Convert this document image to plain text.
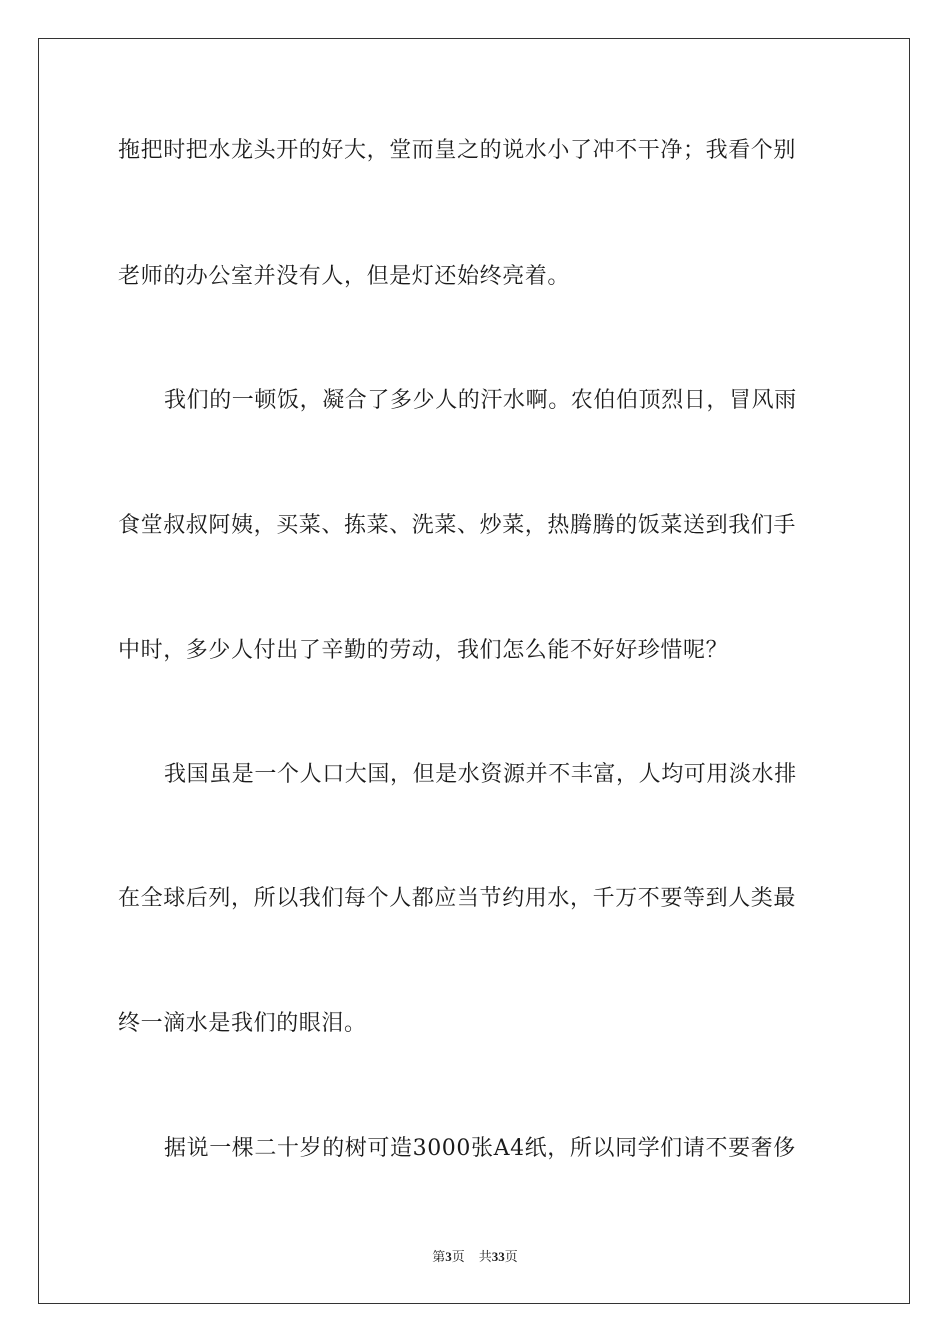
拖把时把水龙头开的好大，堂而皇之的说水小了冲不干净；我看个别
老师的办公室并没有人，但是灯还始终亮着。
我们的一顿饭，凝合了多少人的汗水啊。农伯伯顶烈日，冒风雨
食堂叔叔阿姨，买菜、拣菜、洗菜、炒菜，热腾腾的饭菜送到我们手
中时，多少人付出了辛勤的劳动，我们怎么能不好好珍惜呢？
我国虽是一个人口大国，但是水资源并不丰富，人均可用淡水排
在全球后列，所以我们每个人都应当节约用水，千万不要等到人类最
终一滴水是我们的眼泪。
据说一棵二十岁的树可造3000张A4纸，所以同学们请不要奢侈
第3页 共33页
